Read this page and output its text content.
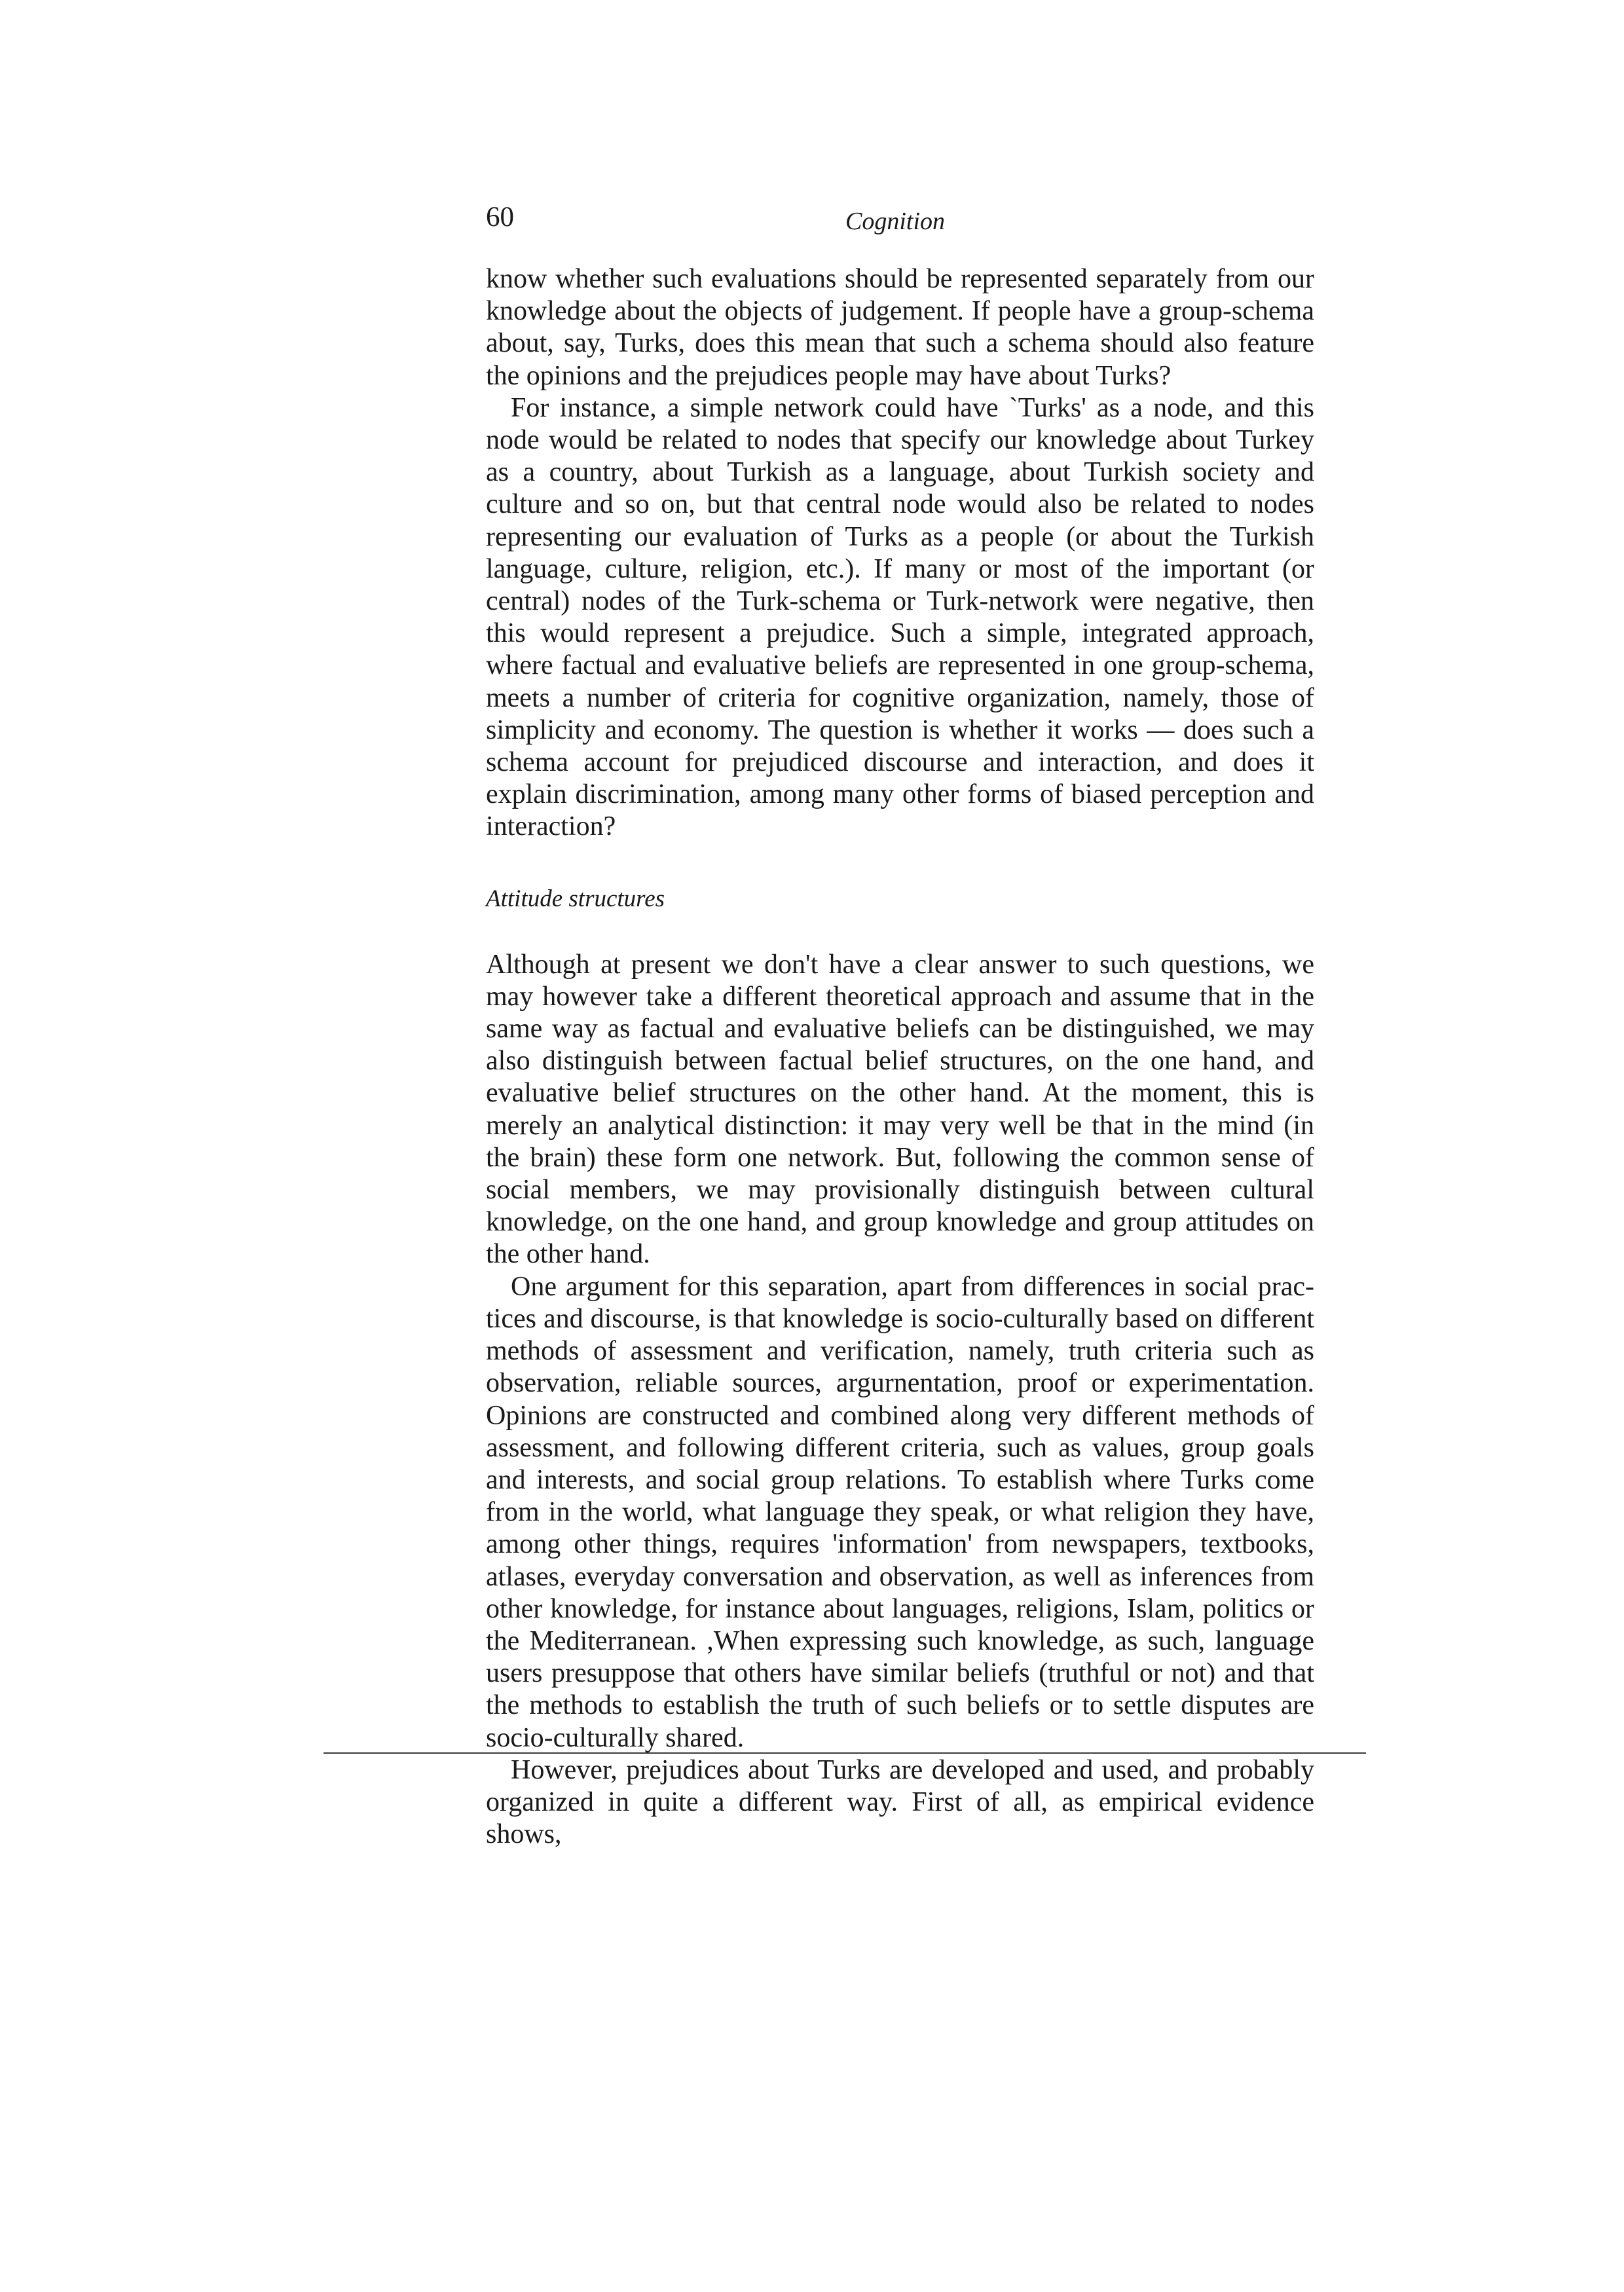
60	Cognition

know whether such evaluations should be represented separately from our knowledge about the objects of judgement. If people have a group-schema about, say, Turks, does this mean that such a schema should also feature the opinions and the prejudices people may have about Turks?

For instance, a simple network could have `Turks' as a node, and this node would be related to nodes that specify our knowledge about Turkey as a country, about Turkish as a language, about Turkish society and culture and so on, but that central node would also be related to nodes representing our evaluation of Turks as a people (or about the Turkish language, culture, religion, etc.). If many or most of the important (or central) nodes of the Turk-schema or Turk-network were negative, then this would represent a prejudice. Such a simple, integrated approach, where factual and evaluative beliefs are represented in one group-schema, meets a number of criteria for cognitive organization, namely, those of simplicity and economy. The question is whether it works — does such a schema account for prejudiced discourse and interaction, and does it explain discrimination, among many other forms of biased perception and interaction?

Attitude structures

Although at present we don't have a clear answer to such questions, we may however take a different theoretical approach and assume that in the same way as factual and evaluative beliefs can be distinguished, we may also distinguish between factual belief structures, on the one hand, and evaluative belief structures on the other hand. At the moment, this is merely an analytical distinction: it may very well be that in the mind (in the brain) these form one network. But, following the common sense of social members, we may provisionally distinguish between cultural knowledge, on the one hand, and group knowledge and group attitudes on the other hand.

One argument for this separation, apart from differences in social prac-tices and discourse, is that knowledge is socio-culturally based on different methods of assessment and verification, namely, truth criteria such as observation, reliable sources, argurnentation, proof or experimentation. Opinions are constructed and combined along very different methods of assessment, and following different criteria, such as values, group goals and interests, and social group relations. To establish where Turks come from in the world, what language they speak, or what religion they have, among other things, requires 'information' from newspapers, textbooks, atlases, everyday conversation and observation, as well as inferences from other knowledge, for instance about languages, religions, Islam, politics or the Mediterranean. ,When expressing such knowledge, as such, language users presuppose that others have similar beliefs (truthful or not) and that the methods to establish the truth of such beliefs or to settle disputes are socio-culturally shared.

However, prejudices about Turks are developed and used, and probably organized in quite a different way. First of all, as empirical evidence shows,
